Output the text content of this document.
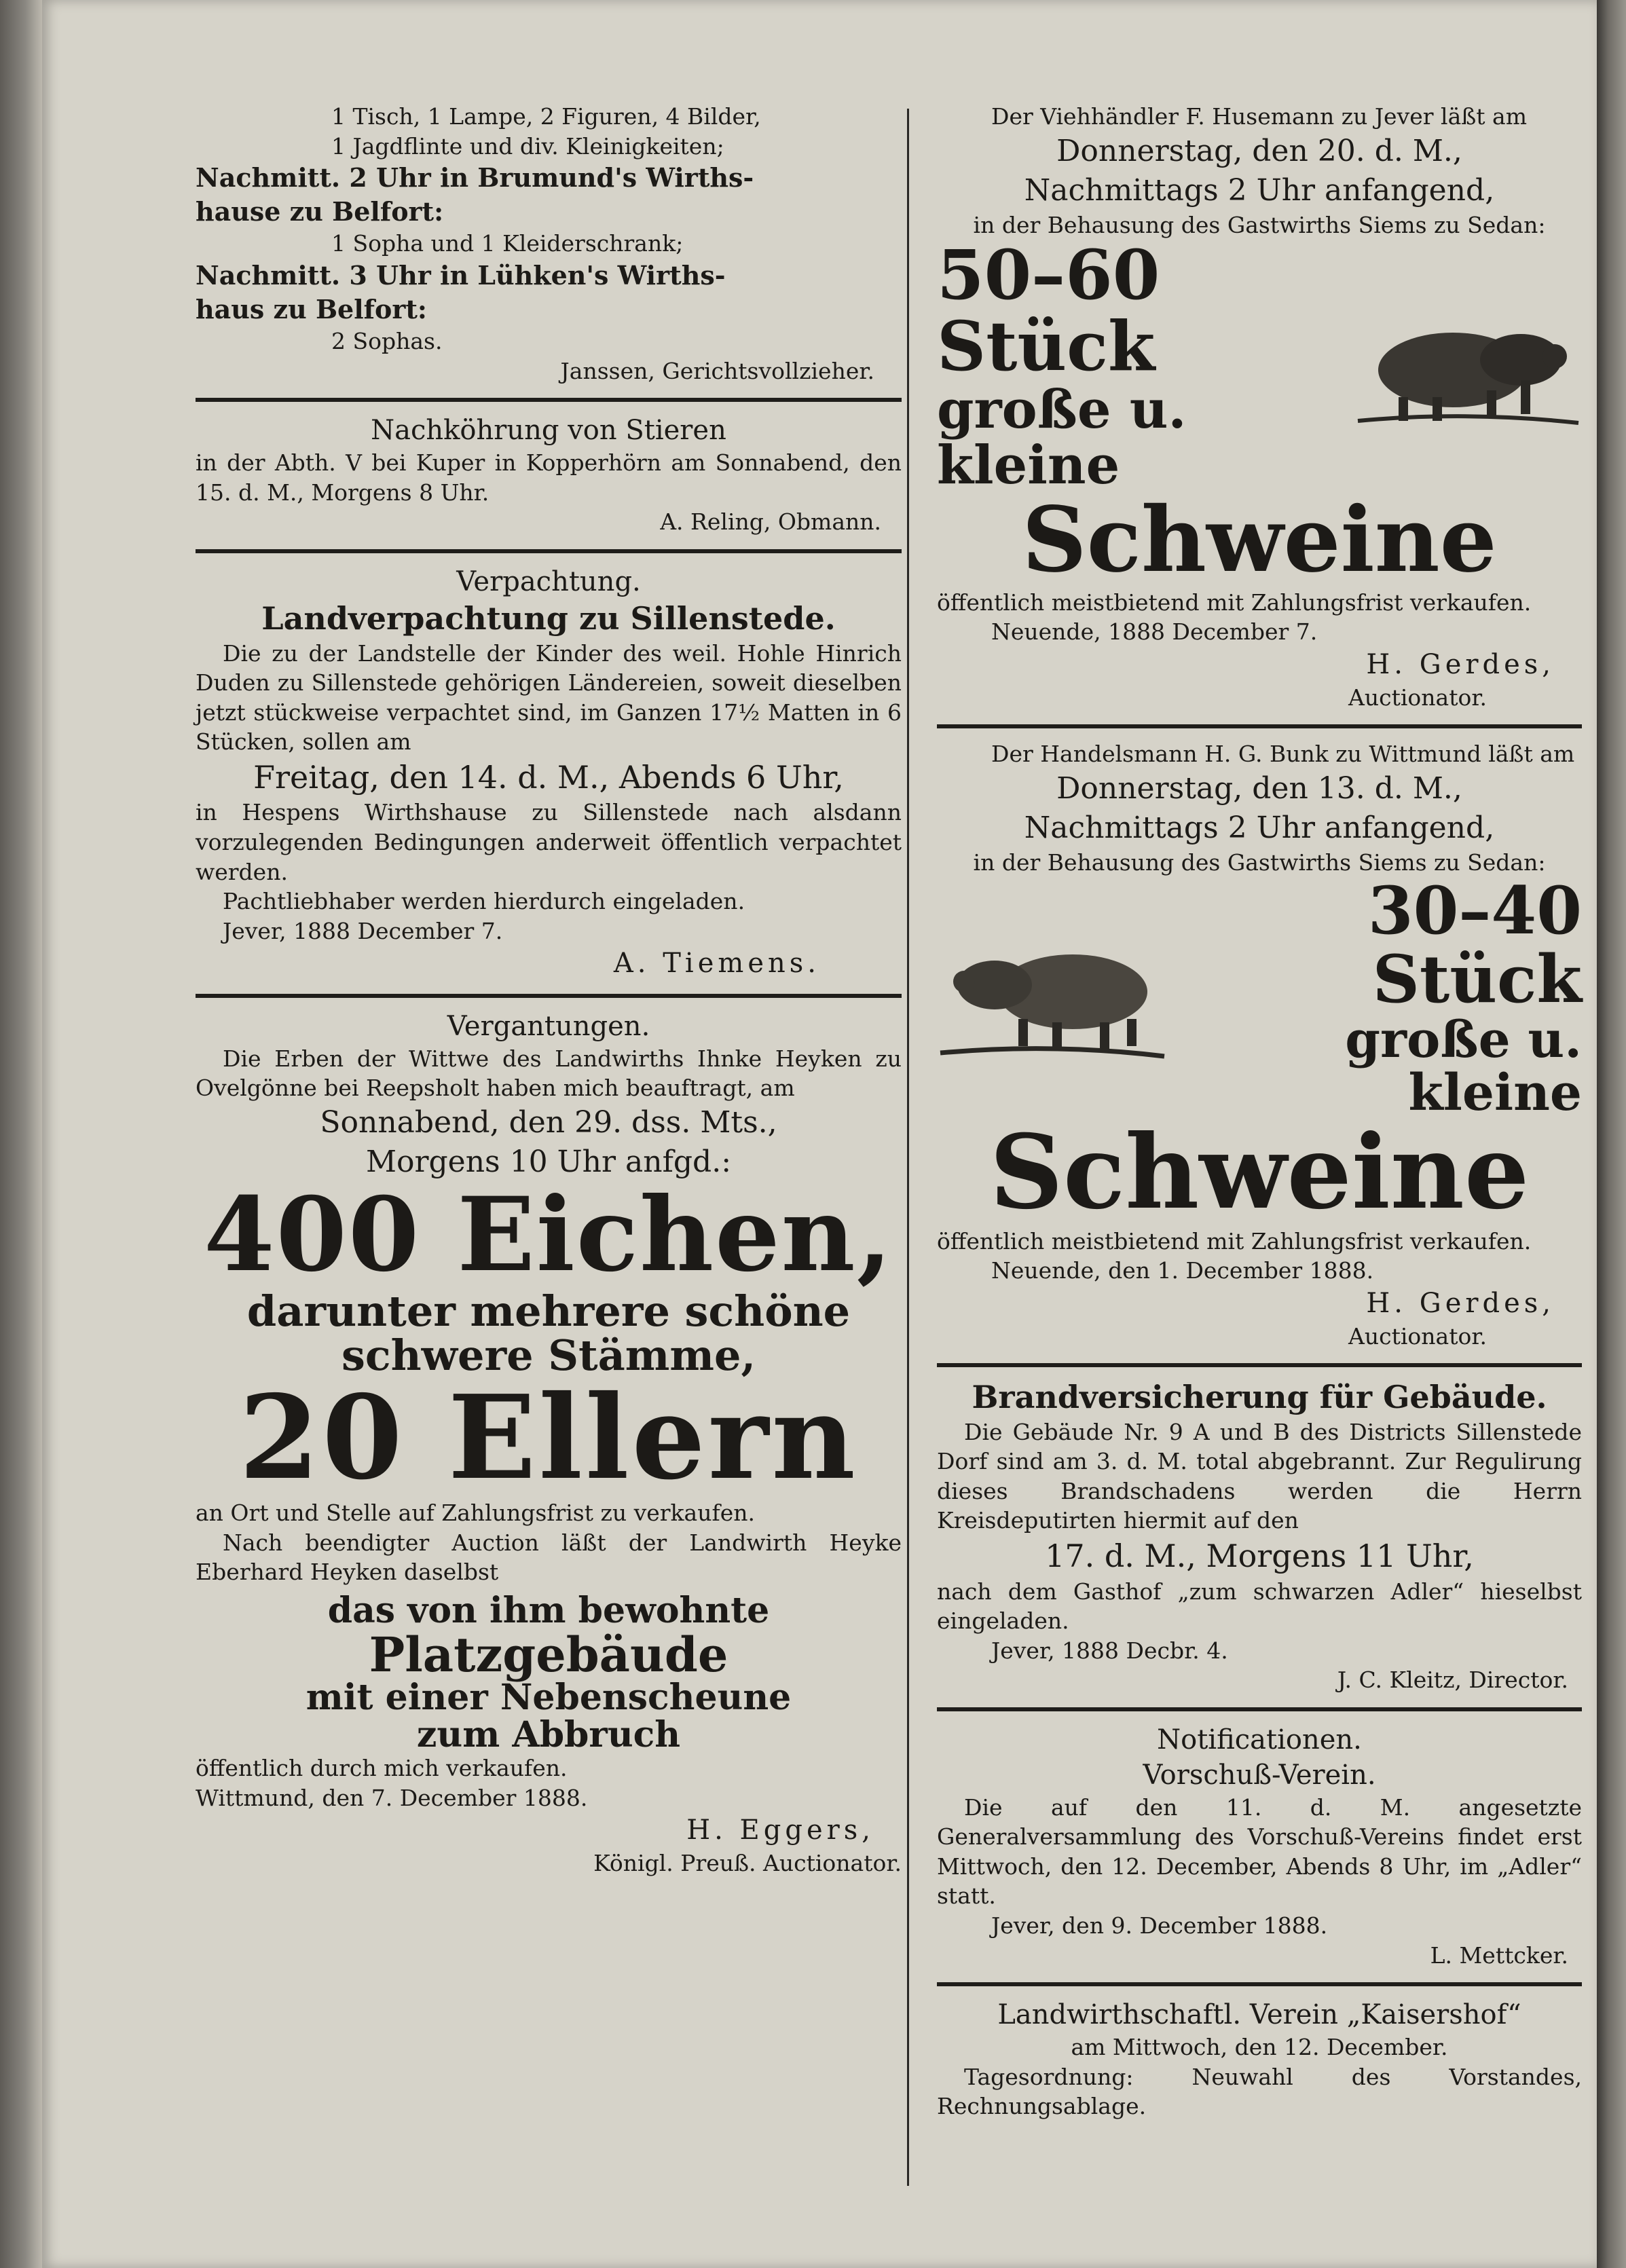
1 Tisch, 1 Lampe, 2 Figuren, 4 Bilder,
1 Jagdflinte und div. Kleinigkeiten;
Nachmitt. 2 Uhr in Brumund's Wirths-
hause zu Belfort:
1 Sopha und 1 Kleiderschrank;
Nachmitt. 3 Uhr in Lühken's Wirths-
haus zu Belfort:
2 Sophas.
Janssen, Gerichtsvollzieher.
Nachköhrung von Stieren
in der Abth. V bei Kuper in Kopperhörn am Sonnabend, den 15. d. M., Morgens 8 Uhr.
A. Reling, Obmann.
Verpachtung.
Landverpachtung zu Sillenstede.
Die zu der Landstelle der Kinder des weil. Hohle Hinrich Duden zu Sillenstede gehörigen Ländereien, soweit dieselben jetzt stückweise verpachtet sind, im Ganzen 17½ Matten in 6 Stücken, sollen am
Freitag, den 14. d. M., Abends 6 Uhr,
in Hespens Wirthshause zu Sillenstede nach alsdann vorzulegenden Bedingungen anderweit öffentlich verpachtet werden.
Pachtliebhaber werden hierdurch eingeladen.
Jever, 1888 December 7.
A. Tiemens.
Vergantungen.
Die Erben der Wittwe des Landwirths Ihnke Heyken zu Ovelgönne bei Reepsholt haben mich beauftragt, am
Sonnabend, den 29. dss. Mts.,
Morgens 10 Uhr anfgd.:
400 Eichen,
darunter mehrere schöne
schwere Stämme,
20 Ellern
an Ort und Stelle auf Zahlungsfrist zu verkaufen.
Nach beendigter Auction läßt der Landwirth Heyke Eberhard Heyken daselbst
das von ihm bewohnte
Platzgebäude
mit einer Nebenscheune
zum Abbruch
öffentlich durch mich verkaufen.
Wittmund, den 7. December 1888.
H. Eggers,
Königl. Preuß. Auctionator.
Der Viehhändler F. Husemann zu Jever läßt am
Donnerstag, den 20. d. M.,
Nachmittags 2 Uhr anfangend,
in der Behausung des Gastwirths Siems zu Sedan:
50–60 Stück
große u. kleine
Schweine
öffentlich meistbietend mit Zahlungsfrist verkaufen.
Neuende, 1888 December 7.
H. Gerdes,
Auctionator.
Der Handelsmann H. G. Bunk zu Wittmund läßt am
Donnerstag, den 13. d. M.,
Nachmittags 2 Uhr anfangend,
in der Behausung des Gastwirths Siems zu Sedan:
30–40 Stück
große u. kleine
Schweine
öffentlich meistbietend mit Zahlungsfrist verkaufen.
Neuende, den 1. December 1888.
H. Gerdes,
Auctionator.
Brandversicherung für Gebäude.
Die Gebäude Nr. 9 A und B des Districts Sillenstede Dorf sind am 3. d. M. total abgebrannt. Zur Regulirung dieses Brandschadens werden die Herrn Kreisdeputirten hiermit auf den
17. d. M., Morgens 11 Uhr,
nach dem Gasthof „zum schwarzen Adler“ hieselbst eingeladen.
Jever, 1888 Decbr. 4.
J. C. Kleitz, Director.
Notificationen.
Vorschuß-Verein.
Die auf den 11. d. M. angesetzte Generalversammlung des Vorschuß-Vereins findet erst Mittwoch, den 12. December, Abends 8 Uhr, im „Adler“ statt.
Jever, den 9. December 1888.
L. Mettcker.
Landwirthschaftl. Verein „Kaisershof“
am Mittwoch, den 12. December.
Tagesordnung: Neuwahl des Vorstandes, Rechnungsablage.
